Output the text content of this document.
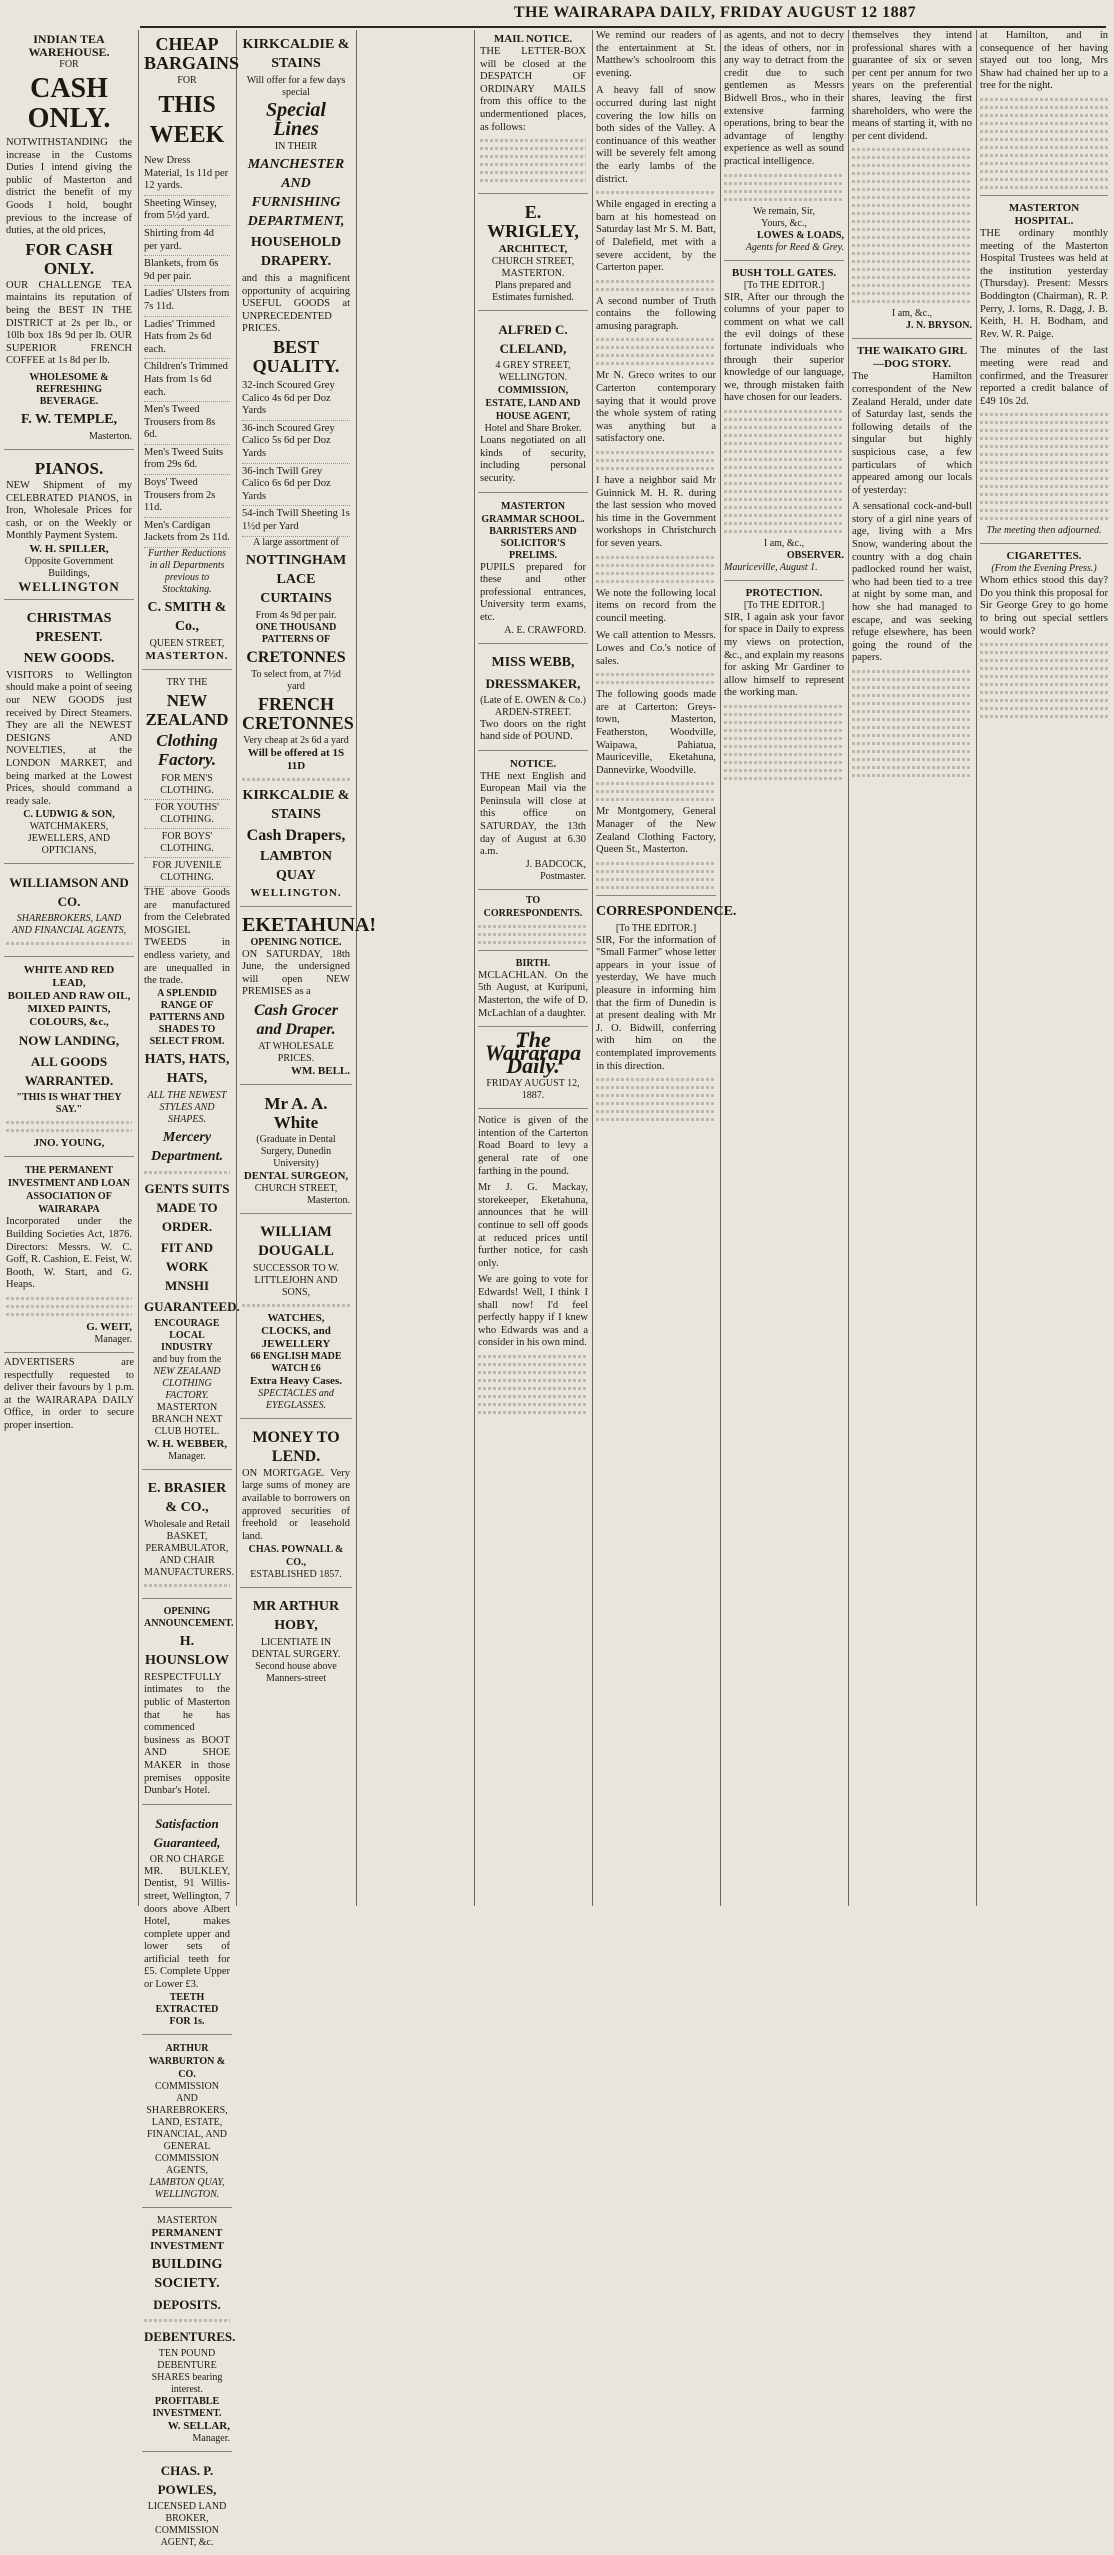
THE WAIRARAPA DAILY, FRIDAY AUGUST 12 1887
INDIAN TEA WAREHOUSE.
FOR
CASH ONLY.
NOTWITHSTANDING the increase in the Customs Duties I intend giving the public of Masterton and district the benefit of my Goods I hold, bought previous to the increase of duties, at the old prices,
FOR CASH ONLY.
OUR CHALLENGE TEA maintains its reputation of being the BEST IN THE DISTRICT at 2s per lb., or 10lb box 18s 9d per lb. OUR SUPERIOR FRENCH COFFEE at 1s 8d per lb.
WHOLESOME & REFRESHING BEVERAGE.
F. W. TEMPLE,
Masterton.
PIANOS.
NEW Shipment of my CELEBRATED PIANOS, in Iron, Wholesale Prices for cash, or on the Weekly or Monthly Payment System.
W. H. SPILLER,
Opposite Government Buildings,
WELLINGTON
CHRISTMAS PRESENT.
NEW GOODS.
VISITORS to Wellington should make a point of seeing our NEW GOODS just received by Direct Steamers. They are all the NEWEST DESIGNS AND NOVELTIES, at the LONDON MARKET, and being marked at the Lowest Prices, should command a ready sale.
C. LUDWIG & SON,
WATCHMAKERS, JEWELLERS, AND OPTICIANS,
WILLIAMSON AND CO.
SHAREBROKERS, LAND AND FINANCIAL AGENTS,
WHITE AND RED LEAD,
BOILED AND RAW OIL,
MIXED PAINTS, COLOURS, &c.,
NOW LANDING,
ALL GOODS WARRANTED.
"THIS IS WHAT THEY SAY."
JNO. YOUNG,
THE PERMANENT INVESTMENT AND LOAN ASSOCIATION OF WAIRARAPA
Incorporated under the Building Societies Act, 1876. Directors: Messrs. W. C. Goff, R. Cashion, E. Feist, W. Booth, W. Start, and G. Heaps.
G. WEIT,
Manager.
ADVERTISERS are respectfully requested to deliver their favours by 1 p.m. at the WAIRARAPA DAILY Office, in order to secure proper insertion.
CHEAP BARGAINS
FOR
THIS WEEK
New Dress Material, 1s 11d per 12 yards.
Sheeting Winsey, from 5½d yard.
Shirting from 4d per yard.
Blankets, from 6s 9d per pair.
Ladies' Ulsters from 7s 11d.
Ladies' Trimmed Hats from 2s 6d each.
Children's Trimmed Hats from 1s 6d each.
Men's Tweed Trousers from 8s 6d.
Men's Tweed Suits from 29s 6d.
Boys' Tweed Trousers from 2s 11d.
Men's Cardigan Jackets from 2s 11d.
Further Reductions in all Departments previous to Stocktaking.
C. SMITH & Co.,
QUEEN STREET,
MASTERTON.
TRY THE
NEW ZEALAND
Clothing Factory.
FOR MEN'S CLOTHING.
FOR YOUTHS' CLOTHING.
FOR BOYS' CLOTHING.
FOR JUVENILE CLOTHING.
THE above Goods are manufactured from the Celebrated MOSGIEL TWEEDS in endless variety, and are unequalled in the trade.
A SPLENDID RANGE OF PATTERNS AND SHADES TO SELECT FROM.
HATS, HATS, HATS,
ALL THE NEWEST STYLES AND SHAPES.
Mercery Department.
GENTS SUITS MADE TO ORDER.
FIT AND WORK MNSHI
GUARANTEED.
ENCOURAGE LOCAL INDUSTRY
and buy from the
NEW ZEALAND CLOTHING FACTORY.
MASTERTON BRANCH NEXT CLUB HOTEL.
W. H. WEBBER,
Manager.
E. BRASIER & CO.,
Wholesale and Retail BASKET, PERAMBULATOR, AND CHAIR MANUFACTURERS.
OPENING ANNOUNCEMENT.
H. HOUNSLOW
RESPECTFULLY intimates to the public of Masterton that he has commenced business as BOOT AND SHOE MAKER in those premises opposite Dunbar's Hotel.
Satisfaction Guaranteed,
OR NO CHARGE
MR. BULKLEY, Dentist, 91 Willis-street, Wellington, 7 doors above Albert Hotel, makes complete upper and lower sets of artificial teeth for £5. Complete Upper or Lower £3.
TEETH EXTRACTED FOR 1s.
ARTHUR WARBURTON & CO.
COMMISSION AND SHAREBROKERS, LAND, ESTATE, FINANCIAL, AND GENERAL COMMISSION AGENTS,
LAMBTON QUAY, WELLINGTON.
MASTERTON
PERMANENT INVESTMENT
BUILDING SOCIETY.
DEPOSITS.
DEBENTURES.
TEN POUND DEBENTURE SHARES bearing interest.
PROFITABLE INVESTMENT.
W. SELLAR,
Manager.
CHAS. P. POWLES,
LICENSED LAND BROKER, COMMISSION AGENT, &c.
KIRKCALDIE & STAINS
Will offer for a few days special
Special Lines
IN THEIR
MANCHESTER AND FURNISHING DEPARTMENT,
HOUSEHOLD DRAPERY.
and this a magnificent opportunity of acquiring USEFUL GOODS at UNPRECEDENTED PRICES.
BEST QUALITY.
32-inch Scoured Grey Calico 4s 6d per Doz Yards
36-inch Scoured Grey Calico 5s 6d per Doz Yards
36-inch Twill Grey Calico 6s 6d per Doz Yards
54-inch Twill Sheeting 1s 1½d per Yard
A large assortment of
NOTTINGHAM LACE CURTAINS
From 4s 9d per pair.
ONE THOUSAND PATTERNS OF
CRETONNES
To select from, at 7½d yard
FRENCH CRETONNES
Very cheap at 2s 6d a yard
Will be offered at 1S 11D
KIRKCALDIE & STAINS
Cash Drapers,
LAMBTON QUAY
WELLINGTON.
EKETAHUNA!
OPENING NOTICE.
ON SATURDAY, 18th June, the undersigned will open NEW PREMISES as a
Cash Grocer and Draper.
AT WHOLESALE PRICES.
WM. BELL.
Mr A. A. White
(Graduate in Dental Surgery, Dunedin University)
DENTAL SURGEON,
CHURCH STREET,
Masterton.
WILLIAM DOUGALL
SUCCESSOR TO W. LITTLEJOHN AND SONS,
WATCHES, CLOCKS, and JEWELLERY
66 ENGLISH MADE WATCH £6
Extra Heavy Cases.
SPECTACLES and EYEGLASSES.
MONEY TO LEND.
ON MORTGAGE. Very large sums of money are available to borrowers on approved securities of freehold or leasehold land.
CHAS. POWNALL & CO.,
ESTABLISHED 1857.
MR ARTHUR HOBY,
LICENTIATE IN DENTAL SURGERY.
Second house above Manners-street
MAIL NOTICE.
THE LETTER-BOX will be closed at the DESPATCH OF ORDINARY MAILS from this office to the undermentioned places, as follows:
E. WRIGLEY,
ARCHITECT,
CHURCH STREET, MASTERTON.
Plans prepared and Estimates furnished.
ALFRED C. CLELAND,
4 GREY STREET, WELLINGTON.
COMMISSION, ESTATE, LAND AND HOUSE AGENT,
Hotel and Share Broker.
Loans negotiated on all kinds of security, including personal security.
MASTERTON GRAMMAR SCHOOL.
BARRISTERS AND SOLICITOR'S PRELIMS.
PUPILS prepared for these and other professional entrances, University term exams, etc.
A. E. CRAWFORD.
MISS WEBB,
DRESSMAKER,
(Late of E. OWEN & Co.)
ARDEN-STREET.
Two doors on the right hand side of POUND.
NOTICE.
THE next English and European Mail via the Peninsula will close at this office on SATURDAY, the 13th day of August at 6.30 a.m.
J. BADCOCK,
Postmaster.
TO CORRESPONDENTS.
BIRTH.
MCLACHLAN. On the 5th August, at Kuripuni, Masterton, the wife of D. McLachlan of a daughter.
The Wairarapa Daily.
FRIDAY AUGUST 12, 1887.
Notice is given of the intention of the Carterton Road Board to levy a general rate of one farthing in the pound.
Mr J. G. Mackay, storekeeper, Eketahuna, announces that he will continue to sell off goods at reduced prices until further notice, for cash only.
We are going to vote for Edwards! Well, I think I shall now! I'd feel perfectly happy if I knew who Edwards was and a consider in his own mind.
We remind our readers of the entertainment at St. Matthew's schoolroom this evening.
A heavy fall of snow occurred during last night covering the low hills on both sides of the Valley. A continuance of this weather will be severely felt among the early lambs of the district.
While engaged in erecting a barn at his homestead on Saturday last Mr S. M. Batt, of Dalefield, met with a severe accident, by the Carterton paper.
A second number of Truth contains the following amusing paragraph.
Mr N. Greco writes to our Carterton contemporary saying that it would prove the whole system of rating was anything but a satisfactory one.
I have a neighbor said Mr Guinnick M. H. R. during the last session who moved his time in the Government workshops in Christchurch for seven years.
We note the following local items on record from the council meeting.
We call attention to Messrs. Lowes and Co.'s notice of sales.
The following goods made are at Carterton: Greys-town, Masterton, Featherston, Woodville, Waipawa, Pahiatua, Mauriceville, Eketahuna, Dannevirke, Woodville.
Mr Montgomery, General Manager of the New Zealand Clothing Factory, Queen St., Masterton.
CORRESPONDENCE.
[To THE EDITOR.]
SIR, For the information of "Small Farmer" whose letter appears in your issue of yesterday, We have much pleasure in informing him that the firm of Dunedin is at present dealing with Mr J. O. Bidwill, conferring with him on the contemplated improvements in this direction.
as agents, and not to decry the ideas of others, nor in any way to detract from the credit due to such gentlemen as Messrs Bidwell Bros., who in their extensive farming operations, bring to bear the advantage of lengthy experience as well as sound practical intelligence.
We remain, Sir,
Yours, &c.,
LOWES & LOADS,
Agents for Reed & Grey.
BUSH TOLL GATES.
[To THE EDITOR.]
SIR, After our through the columns of your paper to comment on what we call the evil doings of these fortunate individuals who through their superior knowledge of our language, we, through mistaken faith have chosen for our leaders.
I am, &c.,
OBSERVER.
Mauriceville, August 1.
PROTECTION.
[To THE EDITOR.]
SIR, I again ask your favor for space in Daily to express my views on protection, &c., and explain my reasons for asking Mr Gardiner to allow himself to represent the working man.
themselves they intend professional shares with a guarantee of six or seven per cent per annum for two years on the preferential shares, leaving the first shareholders, who were the means of starting it, with no per cent dividend.
I am, &c.,
J. N. BRYSON.
THE WAIKATO GIRL—DOG STORY.
The Hamilton correspondent of the New Zealand Herald, under date of Saturday last, sends the following details of the singular but highly suspicious case, a few particulars of which appeared among our locals of yesterday:
A sensational cock-and-bull story of a girl nine years of age, living with a Mrs Snow, wandering about the country with a dog chain padlocked round her waist, who had been tied to a tree at night by some man, and how she had managed to escape, and was seeking refuge elsewhere, has been going the round of the papers.
at Hamilton, and in consequence of her having stayed out too long, Mrs Shaw had chained her up to a tree for the night.
MASTERTON HOSPITAL.
THE ordinary monthly meeting of the Masterton Hospital Trustees was held at the institution yesterday (Thursday). Present: Messrs Boddington (Chairman), R. P. Perry, J. Iorns, R. Dagg, J. B. Keith, H. H. Bodham, and Rev. W. R. Paige.
The minutes of the last meeting were read and confirmed, and the Treasurer reported a credit balance of £49 10s 2d.
The meeting then adjourned.
CIGARETTES.
(From the Evening Press.)
Whom ethics stood this day? Do you think this proposal for Sir George Grey to go home to bring out special settlers would work?
